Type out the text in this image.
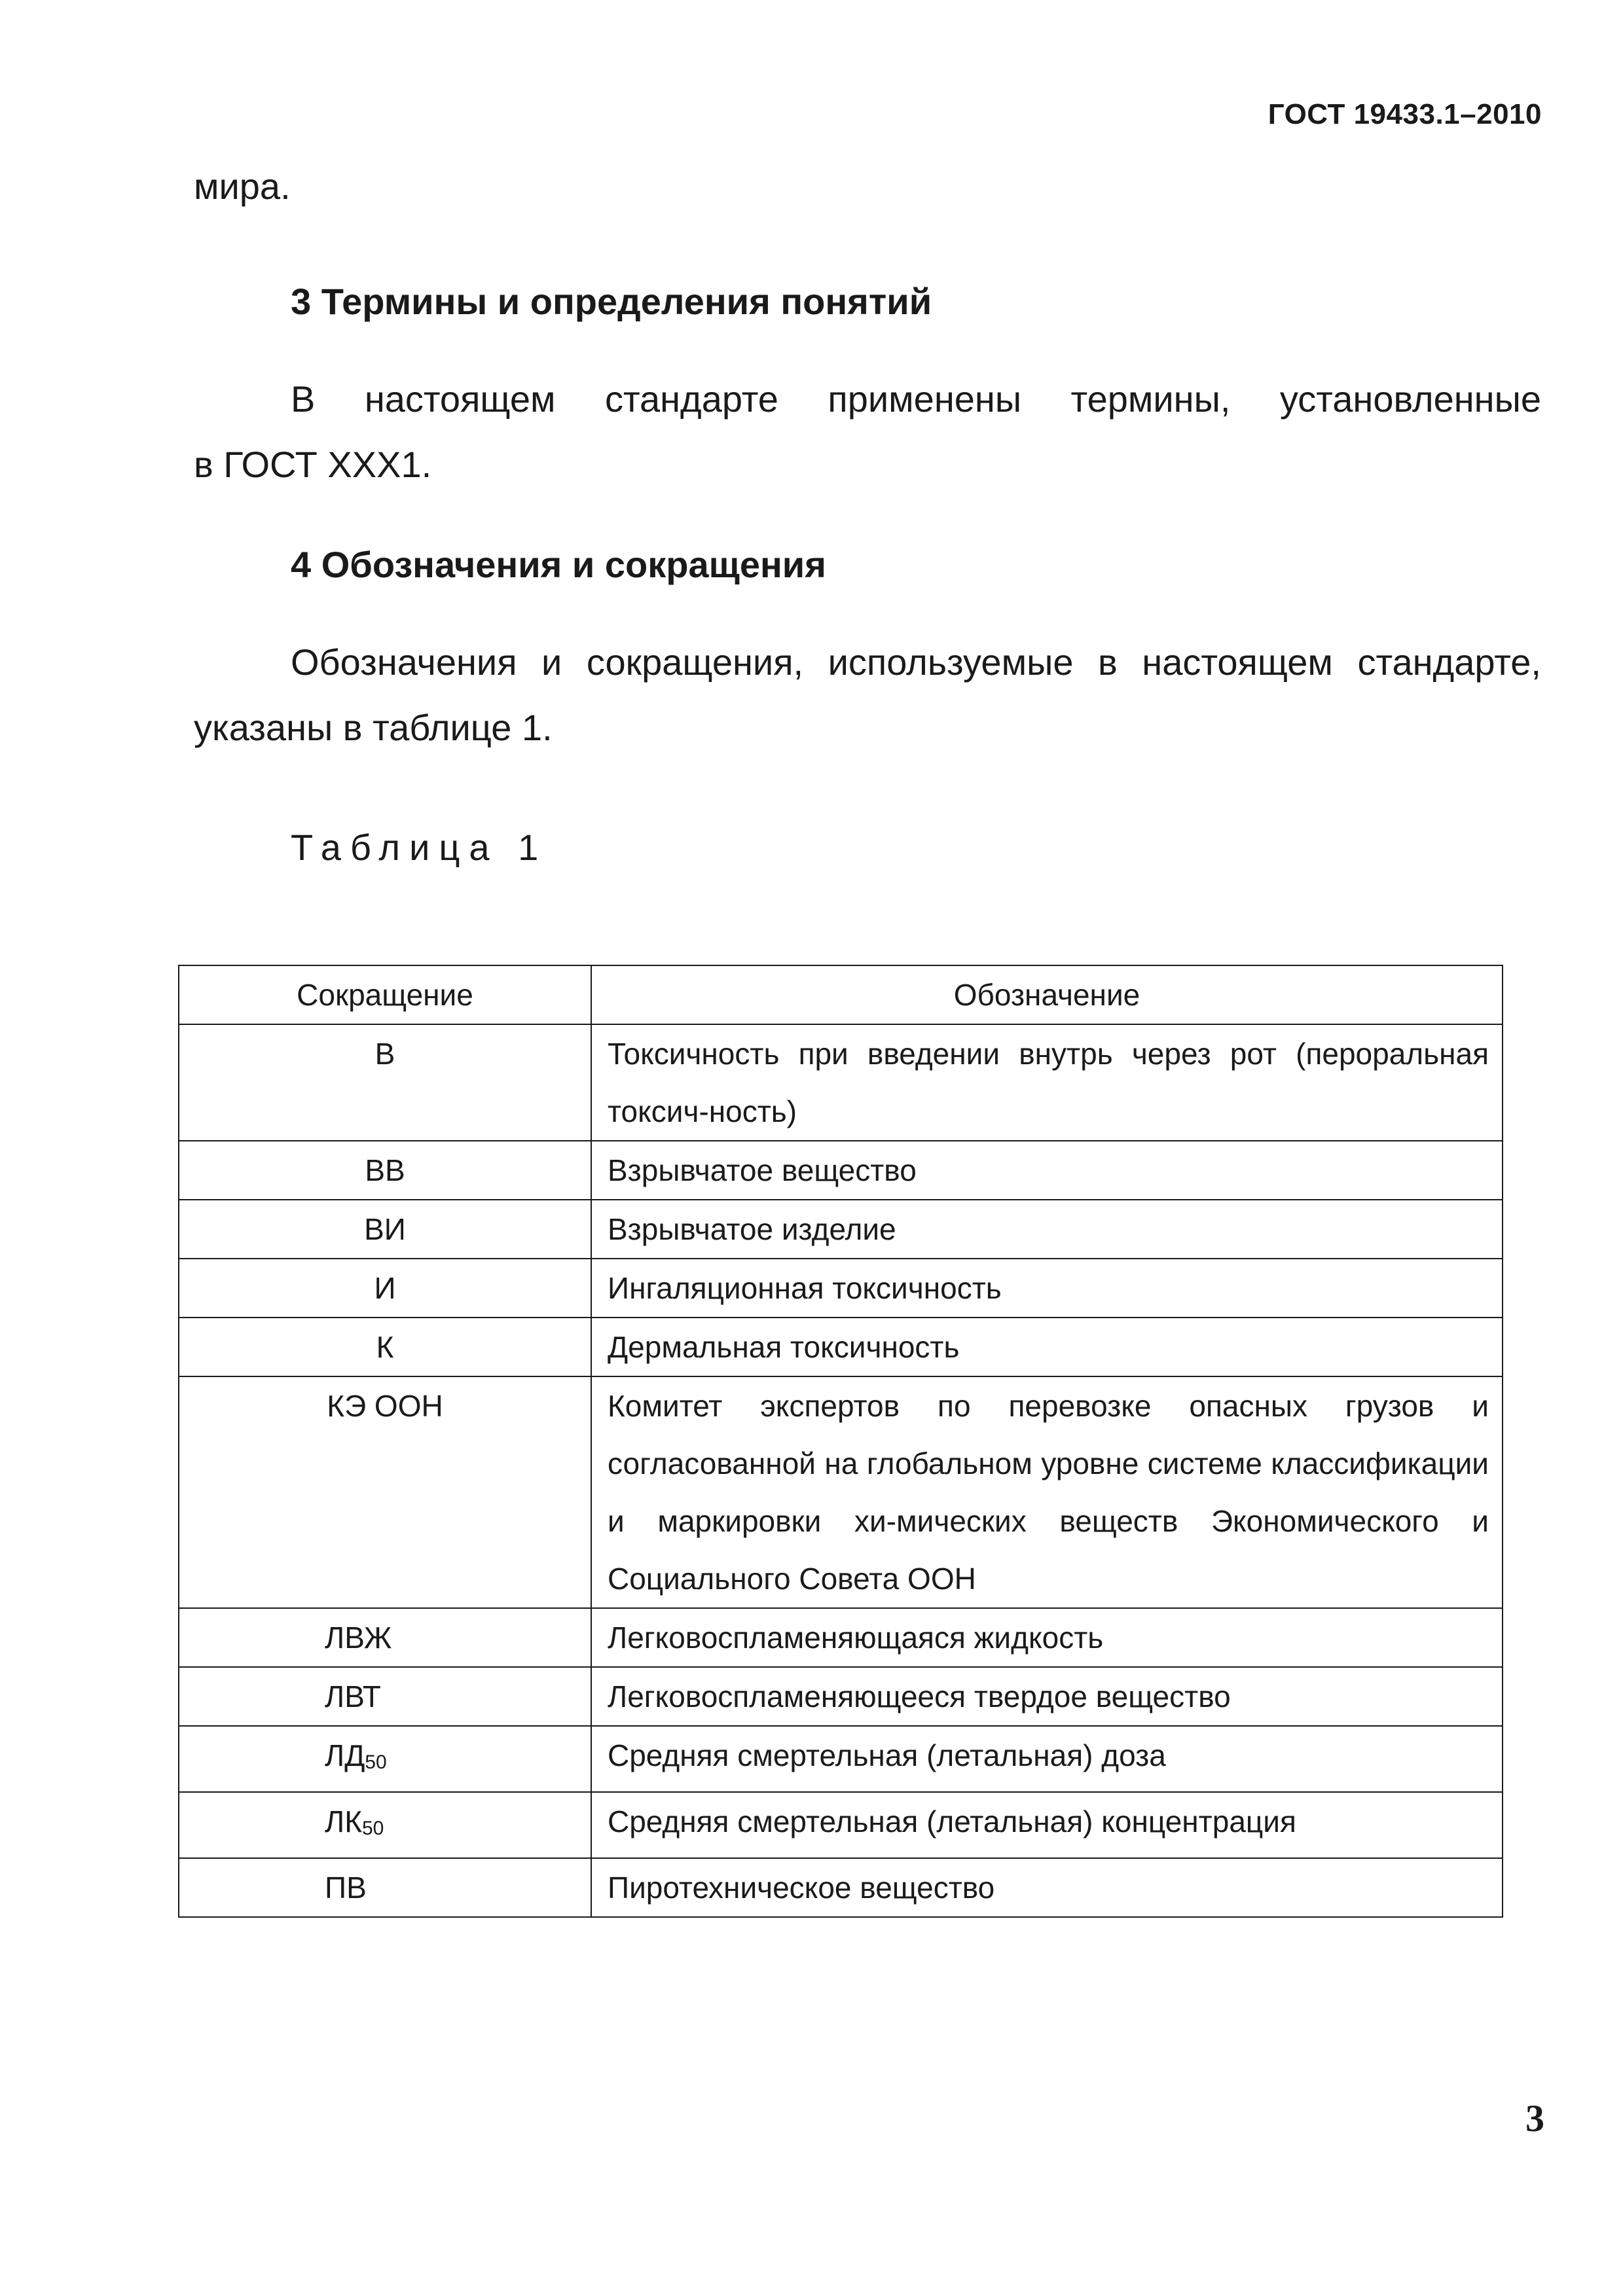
ГОСТ 19433.1–2010
мира.
3 Термины и определения понятий

В настоящем стандарте применены термины, установленные

в ГОСТ XXX1.

4 Обозначения и сокращения

Обозначения и сокращения, используемые в настоящем стандарте,

указаны в таблице 1.

Таблица 1
Сокращение	Обозначение
В	Токсичность при введении внутрь через рот (пероральная токсич-ность)
ВВ	Взрывчатое вещество
ВИ	Взрывчатое изделие
И	Ингаляционная токсичность
К	Дермальная токсичность
КЭ ООН	Комитет экспертов по перевозке опасных грузов и согласованной на глобальном уровне системе классификации и маркировки хи-мических веществ Экономического и Социального Совета ООН
ЛВЖ	Легковоспламеняющаяся жидкость
ЛВТ	Легковоспламеняющееся твердое вещество
ЛД50	Средняя смертельная (летальная) доза
ЛК50	Средняя смертельная (летальная) концентрация
ПВ	Пиротехническое вещество
3
